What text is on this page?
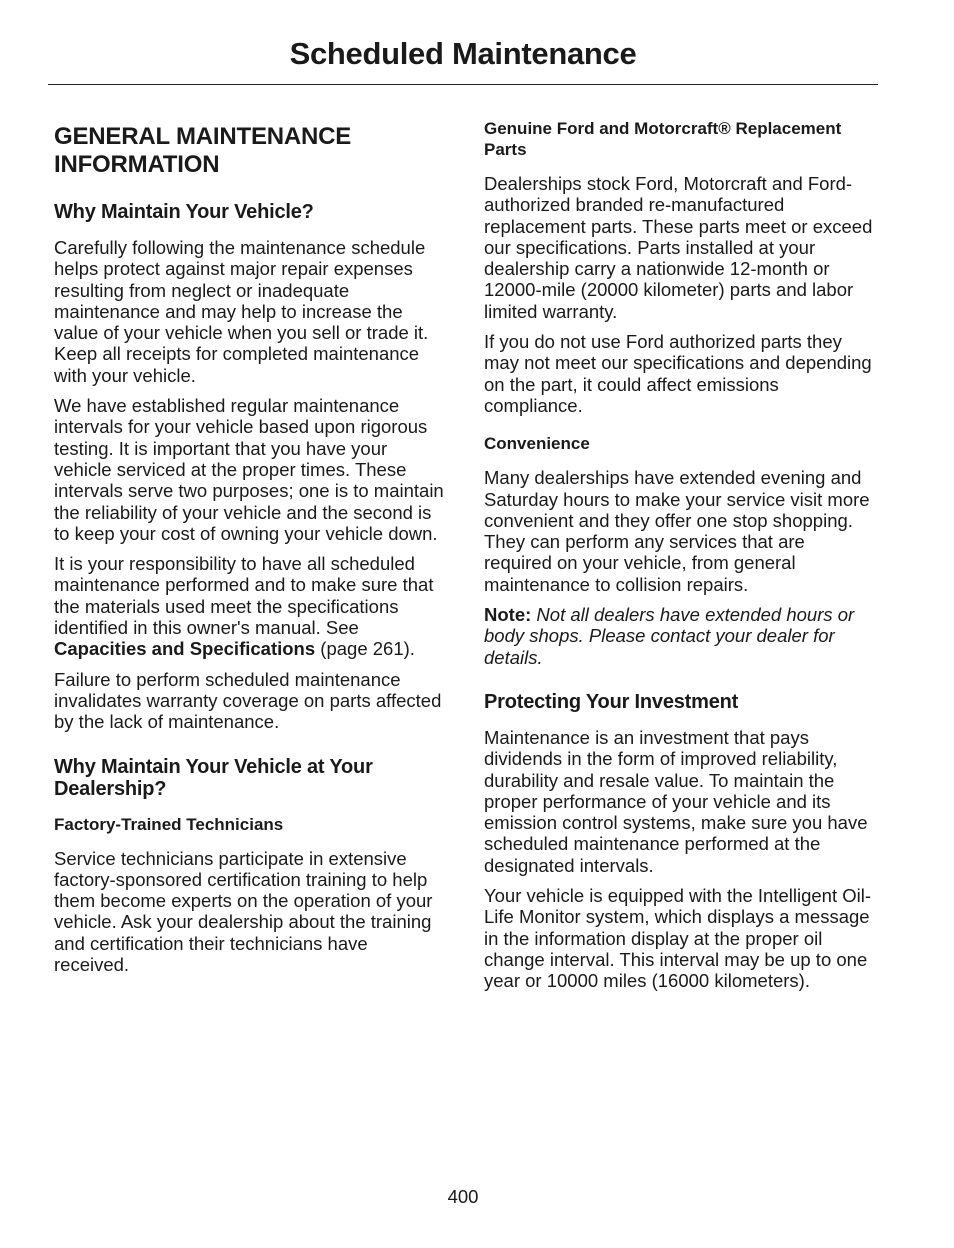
Scheduled Maintenance
GENERAL MAINTENANCE INFORMATION
Why Maintain Your Vehicle?

Carefully following the maintenance schedule helps protect against major repair expenses resulting from neglect or inadequate maintenance and may help to increase the value of your vehicle when you sell or trade it. Keep all receipts for completed maintenance with your vehicle.

We have established regular maintenance intervals for your vehicle based upon rigorous testing. It is important that you have your vehicle serviced at the proper times. These intervals serve two purposes; one is to maintain the reliability of your vehicle and the second is to keep your cost of owning your vehicle down.

It is your responsibility to have all scheduled maintenance performed and to make sure that the materials used meet the specifications identified in this owner's manual. See Capacities and Specifications (page 261).

Failure to perform scheduled maintenance invalidates warranty coverage on parts affected by the lack of maintenance.

Why Maintain Your Vehicle at Your Dealership?
Factory-Trained Technicians

Service technicians participate in extensive factory-sponsored certification training to help them become experts on the operation of your vehicle. Ask your dealership about the training and certification their technicians have received.

Genuine Ford and Motorcraft® Replacement Parts

Dealerships stock Ford, Motorcraft and Ford-authorized branded re-manufactured replacement parts. These parts meet or exceed our specifications. Parts installed at your dealership carry a nationwide 12-month or 12000-mile (20000 kilometer) parts and labor limited warranty.

If you do not use Ford authorized parts they may not meet our specifications and depending on the part, it could affect emissions compliance.

Convenience

Many dealerships have extended evening and Saturday hours to make your service visit more convenient and they offer one stop shopping. They can perform any services that are required on your vehicle, from general maintenance to collision repairs.

Note: Not all dealers have extended hours or body shops. Please contact your dealer for details.

Protecting Your Investment

Maintenance is an investment that pays dividends in the form of improved reliability, durability and resale value. To maintain the proper performance of your vehicle and its emission control systems, make sure you have scheduled maintenance performed at the designated intervals.

Your vehicle is equipped with the Intelligent Oil-Life Monitor system, which displays a message in the information display at the proper oil change interval. This interval may be up to one year or 10000 miles (16000 kilometers).

400
